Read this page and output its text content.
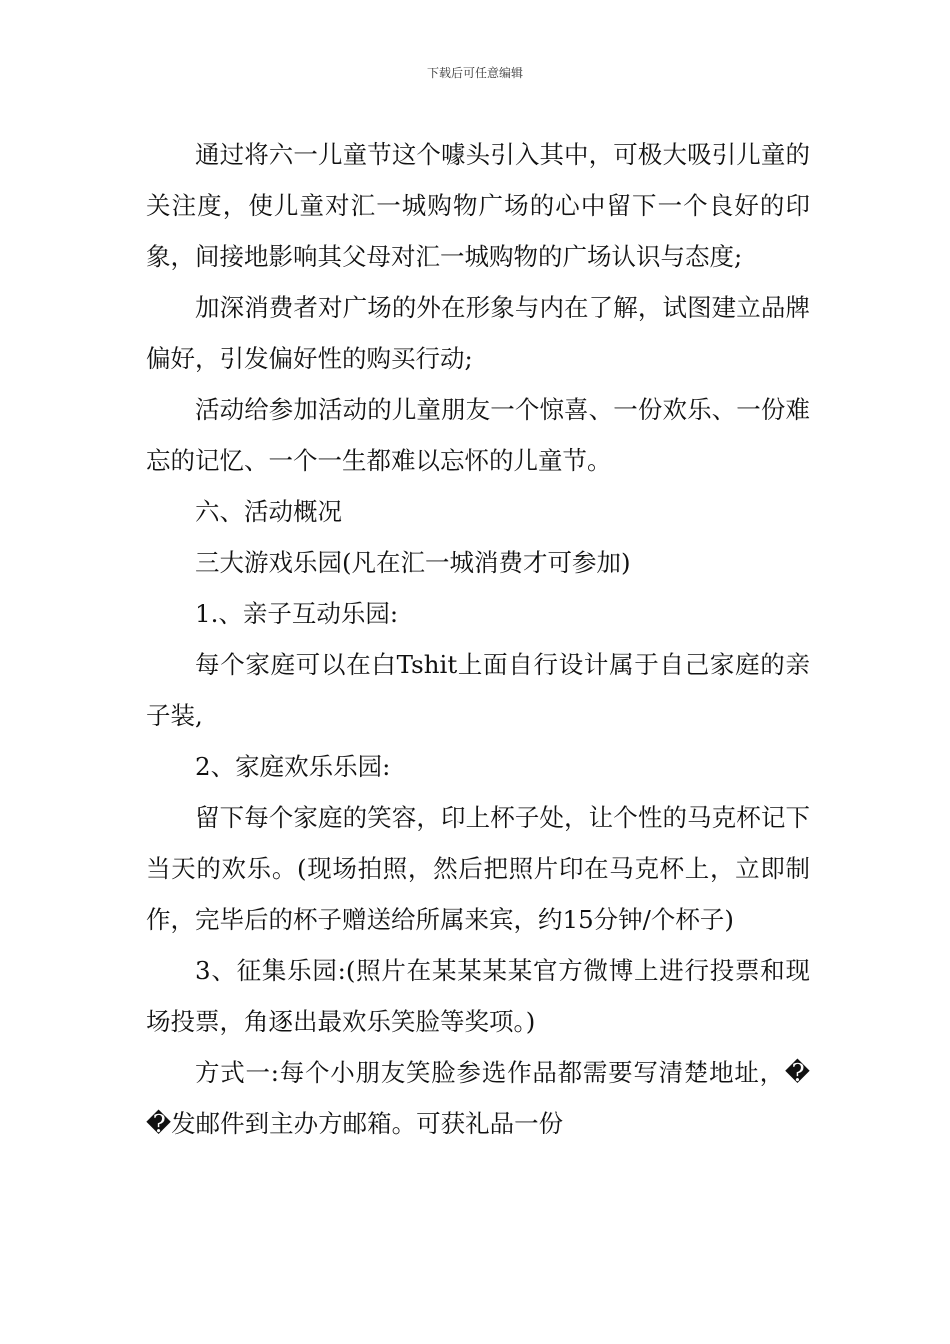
下载后可任意编辑

通过将六一儿童节这个噱头引入其中，可极大吸引儿童的关注度，使儿童对汇一城购物广场的心中留下一个良好的印象，间接地影响其父母对汇一城购物的广场认识与态度;

加深消费者对广场的外在形象与内在了解，试图建立品牌偏好，引发偏好性的购买行动;

活动给参加活动的儿童朋友一个惊喜、一份欢乐、一份难忘的记忆、一个一生都难以忘怀的儿童节。

六、活动概况

三大游戏乐园(凡在汇一城消费才可参加)

1.、亲子互动乐园:

每个家庭可以在白Tshit上面自行设计属于自己家庭的亲子装,

2、家庭欢乐乐园:

留下每个家庭的笑容，印上杯子处，让个性的马克杯记下当天的欢乐。(现场拍照，然后把照片印在马克杯上，立即制作，完毕后的杯子赠送给所属来宾，约15分钟/个杯子)

3、征集乐园:(照片在某某某某官方微博上进行投票和现场投票，角逐出最欢乐笑脸等奖项。)

方式一:每个小朋友笑脸参选作品都需要写清楚地址，��发邮件到主办方邮箱。可获礼品一份
